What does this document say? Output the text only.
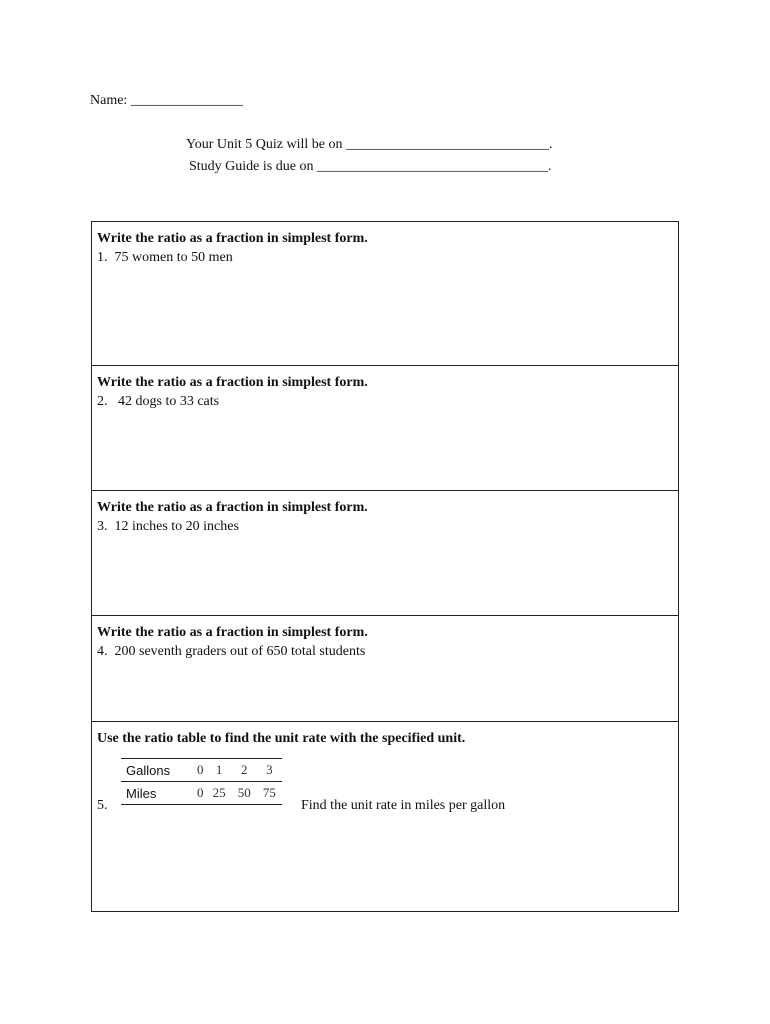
Name: ________________
Your Unit 5 Quiz will be on _____________________________.
Study Guide is due on _________________________________.
Write the ratio as a fraction in simplest form.
1.  75 women to 50 men
Write the ratio as a fraction in simplest form.
2.   42 dogs to 33 cats
Write the ratio as a fraction in simplest form.
3.  12 inches to 20 inches
Write the ratio as a fraction in simplest form.
4.  200 seventh graders out of 650 total students
Use the ratio table to find the unit rate with the specified unit.
Gallons	0	1	2	3
Miles	0	25	50	75
5.	Find the unit rate in miles per gallon
